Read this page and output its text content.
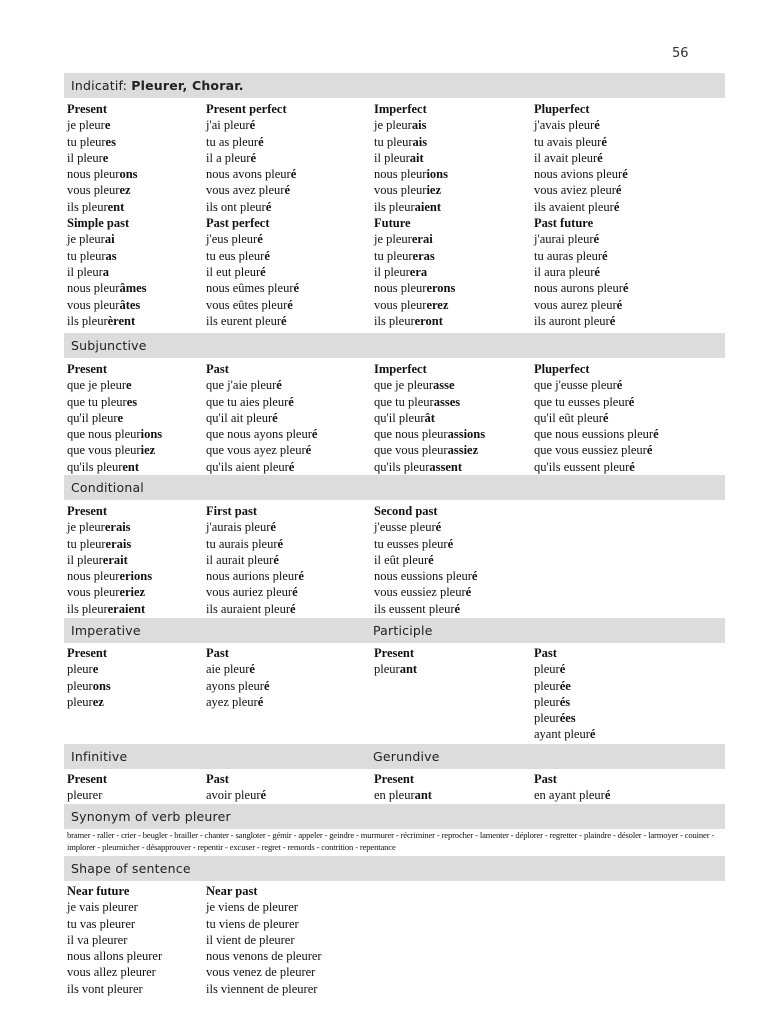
56
Indicatif: Pleurer, Chorar.
Present
je pleure
tu pleures
il pleure
nous pleurons
vous pleurez
ils pleurent
Simple past
je pleurai
tu pleuras
il pleura
nous pleurâmes
vous pleurâtes
ils pleurèrent
Present perfect
j'ai pleuré
tu as pleuré
il a pleuré
nous avons pleuré
vous avez pleuré
ils ont pleuré
Past perfect
j'eus pleuré
tu eus pleuré
il eut pleuré
nous eûmes pleuré
vous eûtes pleuré
ils eurent pleuré
Imperfect
je pleurais
tu pleurais
il pleurait
nous pleurions
vous pleuriez
ils pleuraient
Future
je pleurerai
tu pleureras
il pleurera
nous pleurerons
vous pleurerez
ils pleureront
Pluperfect
j'avais pleuré
tu avais pleuré
il avait pleuré
nous avions pleuré
vous aviez pleuré
ils avaient pleuré
Past future
j'aurai pleuré
tu auras pleuré
il aura pleuré
nous aurons pleuré
vous aurez pleuré
ils auront pleuré
Subjunctive
Present
que je pleure
que tu pleures
qu'il pleure
que nous pleurions
que vous pleuriez
qu'ils pleurent
Past
que j'aie pleuré
que tu aies pleuré
qu'il ait pleuré
que nous ayons pleuré
que vous ayez pleuré
qu'ils aient pleuré
Imperfect
que je pleurasse
que tu pleurasses
qu'il pleurât
que nous pleurassions
que vous pleurassiez
qu'ils pleurassent
Pluperfect
que j'eusse pleuré
que tu eusses pleuré
qu'il eût pleuré
que nous eussions pleuré
que vous eussiez pleuré
qu'ils eussent pleuré
Conditional
Present
je pleurerais
tu pleurerais
il pleurerait
nous pleurerions
vous pleureriez
ils pleureraient
First past
j'aurais pleuré
tu aurais pleuré
il aurait pleuré
nous aurions pleuré
vous auriez pleuré
ils auraient pleuré
Second past
j'eusse pleuré
tu eusses pleuré
il eût pleuré
nous eussions pleuré
vous eussiez pleuré
ils eussent pleuré
Imperative	Participle
Present
pleure
pleurons
pleurez
Past
aie pleuré
ayons pleuré
ayez pleuré
Present
pleurant
Past
pleuré
pleurée
pleurés
pleurées
ayant pleuré
Infinitive	Gerundive
Present
pleurer
Past
avoir pleuré
Present
en pleurant
Past
en ayant pleuré
Synonym of verb pleurer
bramer - raller - crier - beugler - brailler - chanter - sangloter - gémir - appeler - geindre - murmurer - récriminer - reprocher - lamenter - déplorer - regretter - plaindre - désoler - larmoyer - couiner - implorer - pleurnicher - désapprouver - repentir - excuser - regret - remords - contrition - repentance
Shape of sentence
Near future
je vais pleurer
tu vas pleurer
il va pleurer
nous allons pleurer
vous allez pleurer
ils vont pleurer
Near past
je viens de pleurer
tu viens de pleurer
il vient de pleurer
nous venons de pleurer
vous venez de pleurer
ils viennent de pleurer
